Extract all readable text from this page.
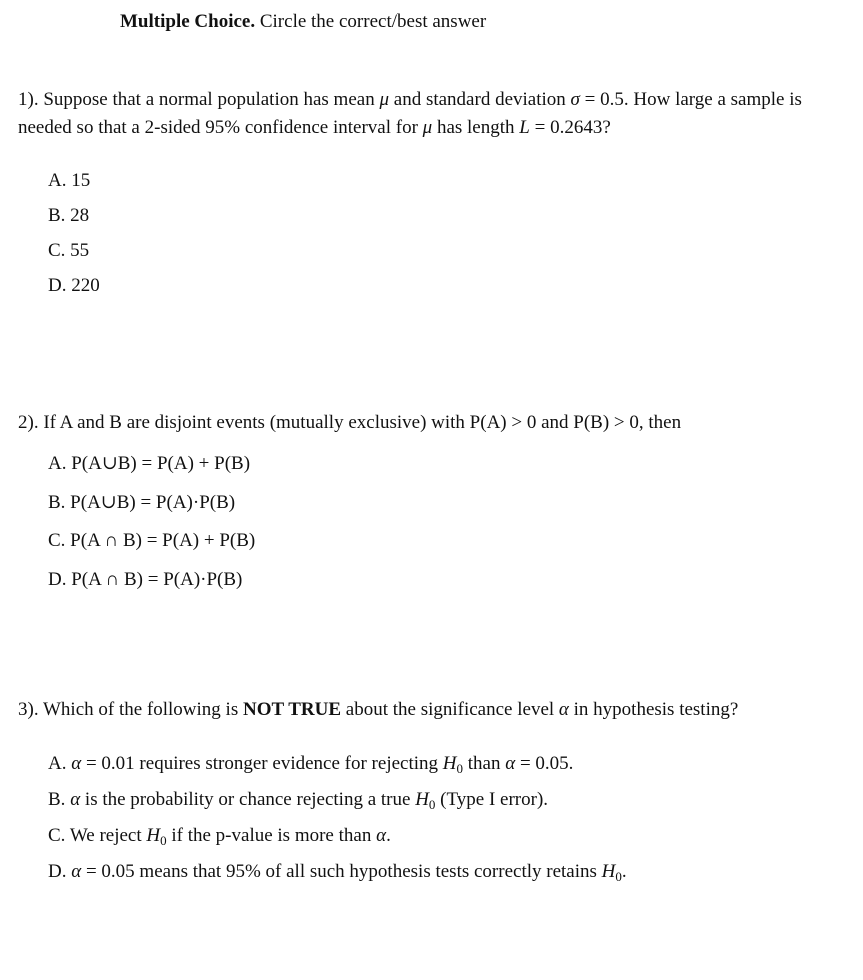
Multiple Choice. Circle the correct/best answer
1). Suppose that a normal population has mean μ and standard deviation σ = 0.5. How large a sample is needed so that a 2-sided 95% confidence interval for μ has length L = 0.2643?
A. 15
B. 28
C. 55
D. 220
2). If A and B are disjoint events (mutually exclusive) with P(A) > 0 and P(B) > 0, then
A. P(A∪B) = P(A) + P(B)
B. P(A∪B) = P(A)·P(B)
C. P(A ∩ B) = P(A) + P(B)
D. P(A ∩ B) = P(A)·P(B)
3). Which of the following is NOT TRUE about the significance level α in hypothesis testing?
A. α = 0.01 requires stronger evidence for rejecting $H_0$ than α = 0.05.
B. α is the probability or chance rejecting a true $H_0$ (Type I error).
C. We reject $H_0$ if the p-value is more than α.
D. α = 0.05 means that 95% of all such hypothesis tests correctly retains $H_0$.
